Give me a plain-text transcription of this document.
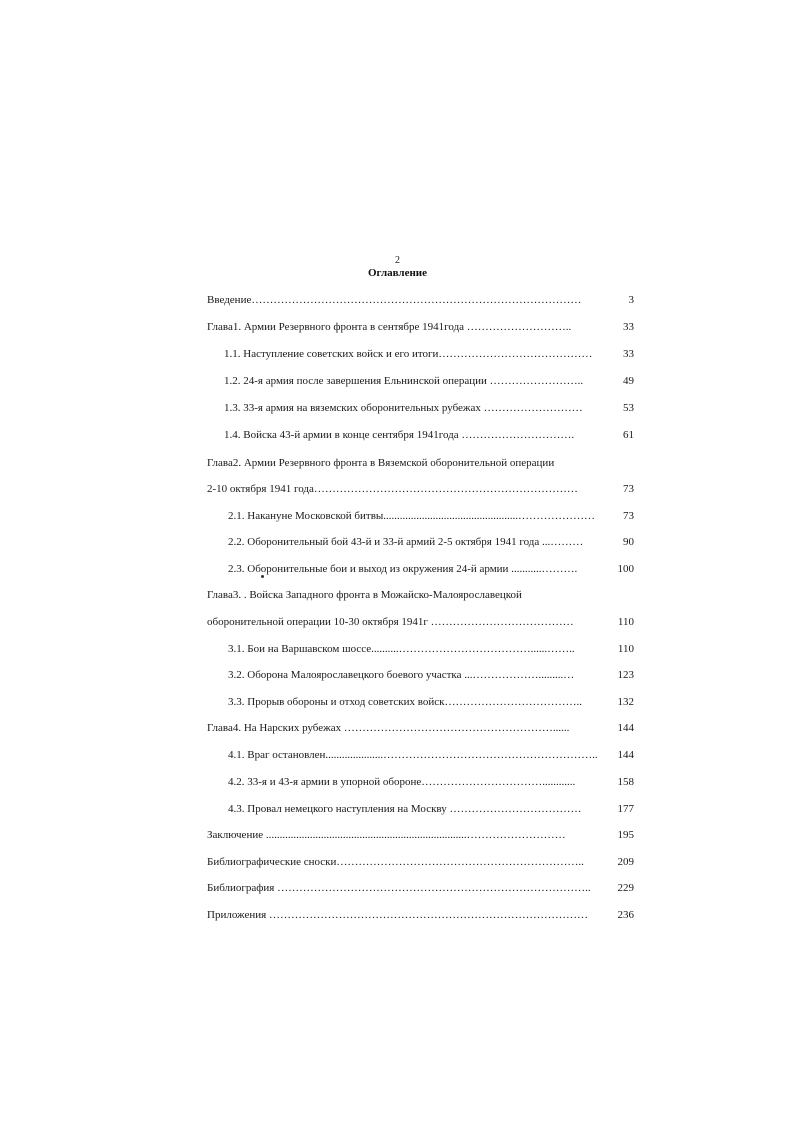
2
Оглавление
Введение………………………………………………………………………………	3
Глава1. Армии Резервного фронта в сентябре 1941года ………………………..	33
1.1. Наступление советских войск и его итоги……………………………………	33
1.2. 24-я армия после завершения Ельнинской операции ……………………..	49
1.3. 33-я армия на вяземских оборонительных рубежах ………………………	53
1.4. Войска 43-й армии в конце сентября 1941года ………………………….	61
Глава2. Армии Резервного фронта в Вяземской оборонительной операции
2-10 октября 1941 года………………………………………………………………	73
2.1. Накануне Московской битвы.................................................…………………	73
2.2. Оборонительный бой 43-й и 33-й армий 2-5 октября 1941 года ...………	90
2.3. Оборонительные бои и выход из окружения 24-й армии ...........……….	100
Глава3. . Войска Западного фронта в Можайско-Малоярославецкой
оборонительной операции 10-30 октября 1941г …………………………………	110
3.1. Бои на Варшавском шоссе..........………………………………......……..	110
3.2. Оборона Малоярославецкого боевого участка ...……………….........…	123
3.3. Прорыв обороны и отход советских войск………………………………..	132
Глава4. На Нарских рубежах …………………………………………………......	144
4.1. Враг остановлен.....................…………………………………………………..	144
4.2. 33-я и 43-я армии в упорной обороне……………………………............	158
4.3. Провал немецкого наступления на Москву ………………………………	177
Заключение .........................................................................………………………	195
Библиографические сноски…………………………………………………………..	209
Библиография …………………………………………………………………………..	229
Приложения ……………………………………………………………………………	236
